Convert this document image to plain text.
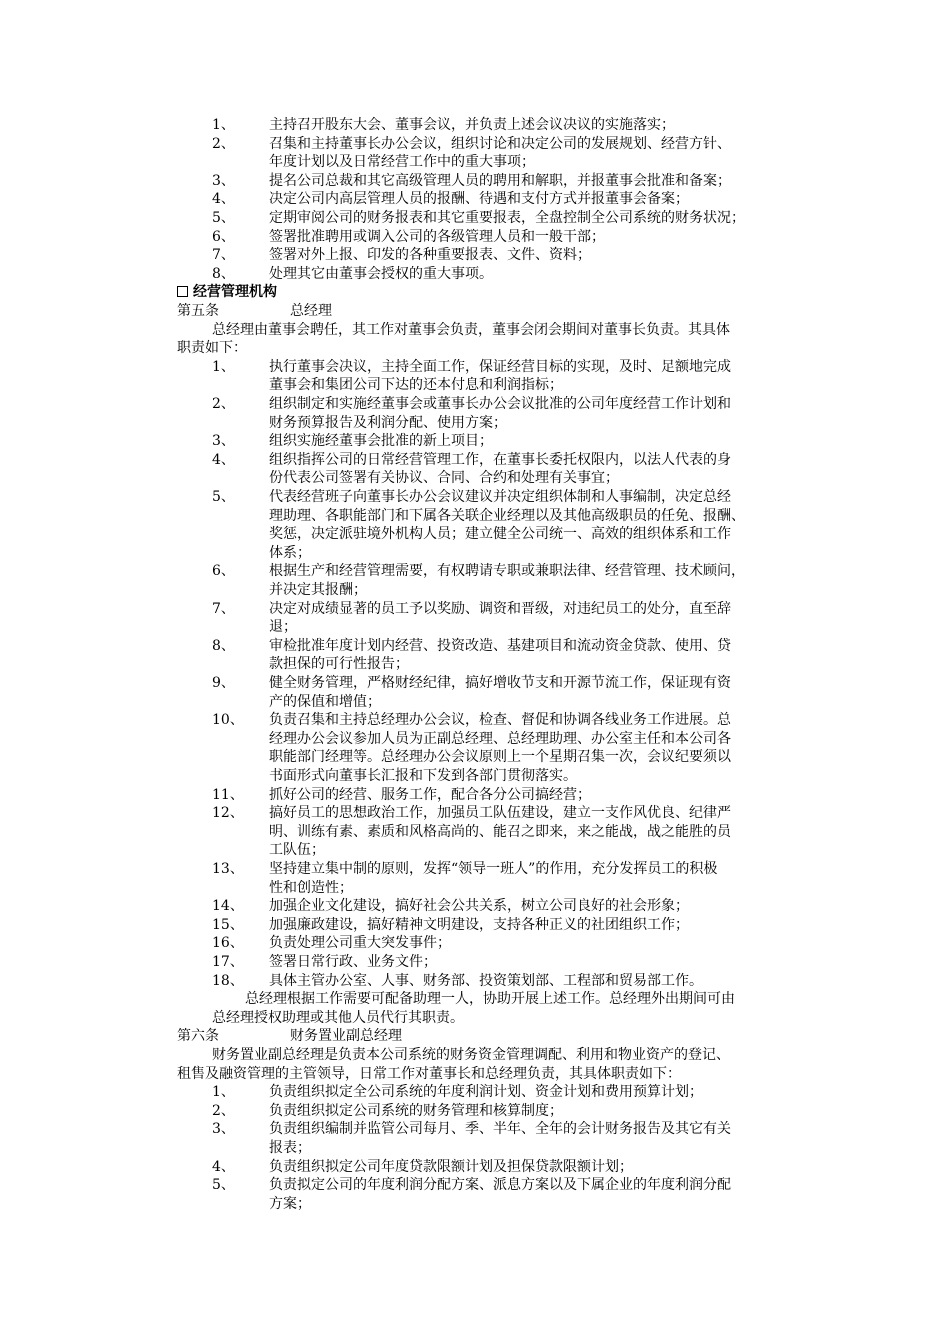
经营管理机构
第五条	总经理
第六条	财务置业副总经理
1、 主持召开股东大会、董事会议，并负责上述会议决议的实施落实；
2、 召集和主持董事长办公会议，组织讨论和决定公司的发展规划、经营方针、
年度计划以及日常经营工作中的重大事项；
3、 提名公司总裁和其它高级管理人员的聘用和解职，并报董事会批准和备案；
4、 决定公司内高层管理人员的报酬、待遇和支付方式并报董事会备案；
5、 定期审阅公司的财务报表和其它重要报表，全盘控制全公司系统的财务状况；
6、 签署批准聘用或调入公司的各级管理人员和一般干部；
7、 签署对外上报、印发的各种重要报表、文件、资料；
8、 处理其它由董事会授权的重大事项。
总经理由董事会聘任，其工作对董事会负责，董事会闭会期间对董事长负责。其具体
职责如下：
1、 执行董事会决议，主持全面工作，保证经营目标的实现，及时、足额地完成
董事会和集团公司下达的还本付息和利润指标；
2、 组织制定和实施经董事会或董事长办公会议批准的公司年度经营工作计划和
财务预算报告及利润分配、使用方案；
3、 组织实施经董事会批准的新上项目；
4、 组织指挥公司的日常经营管理工作，在董事长委托权限内，以法人代表的身
份代表公司签署有关协议、合同、合约和处理有关事宜；
5、 代表经营班子向董事长办公会议建议并决定组织体制和人事编制，决定总经
理助理、各职能部门和下属各关联企业经理以及其他高级职员的任免、报酬、
奖惩，决定派驻境外机构人员；建立健全公司统一、高效的组织体系和工作
体系；
6、 根据生产和经营管理需要，有权聘请专职或兼职法律、经营管理、技术顾问，
并决定其报酬；
7、 决定对成绩显著的员工予以奖励、调资和晋级，对违纪员工的处分，直至辞
退；
8、 审检批准年度计划内经营、投资改造、基建项目和流动资金贷款、使用、贷
款担保的可行性报告；
9、 健全财务管理，严格财经纪律，搞好增收节支和开源节流工作，保证现有资
产的保值和增值；
10、 负责召集和主持总经理办公会议，检查、督促和协调各线业务工作进展。总
经理办公会议参加人员为正副总经理、总经理助理、办公室主任和本公司各
职能部门经理等。总经理办公会议原则上一个星期召集一次，会议纪要须以
书面形式向董事长汇报和下发到各部门贯彻落实。
11、 抓好公司的经营、服务工作，配合各分公司搞经营；
12、 搞好员工的思想政治工作，加强员工队伍建设，建立一支作风优良、纪律严
明、训练有素、素质和风格高尚的、能召之即来，来之能战，战之能胜的员
工队伍；
13、 坚持建立集中制的原则，发挥“领导一班人”的作用，充分发挥员工的积极
性和创造性；
14、 加强企业文化建设，搞好社会公共关系，树立公司良好的社会形象；
15、 加强廉政建设，搞好精神文明建设，支持各种正义的社团组织工作；
16、 负责处理公司重大突发事件；
17、 签署日常行政、业务文件；
18、 具体主管办公室、人事、财务部、投资策划部、工程部和贸易部工作。
总经理根据工作需要可配备助理一人，协助开展上述工作。总经理外出期间可由
总经理授权助理或其他人员代行其职责。
财务置业副总经理是负责本公司系统的财务资金管理调配、利用和物业资产的登记、
租售及融资管理的主管领导，日常工作对董事长和总经理负责，其具体职责如下：
1、 负责组织拟定全公司系统的年度利润计划、资金计划和费用预算计划；
2、 负责组织拟定公司系统的财务管理和核算制度；
3、 负责组织编制并监管公司每月、季、半年、全年的会计财务报告及其它有关
报表；
4、 负责组织拟定公司年度贷款限额计划及担保贷款限额计划；
5、 负责拟定公司的年度利润分配方案、派息方案以及下属企业的年度利润分配
方案；
